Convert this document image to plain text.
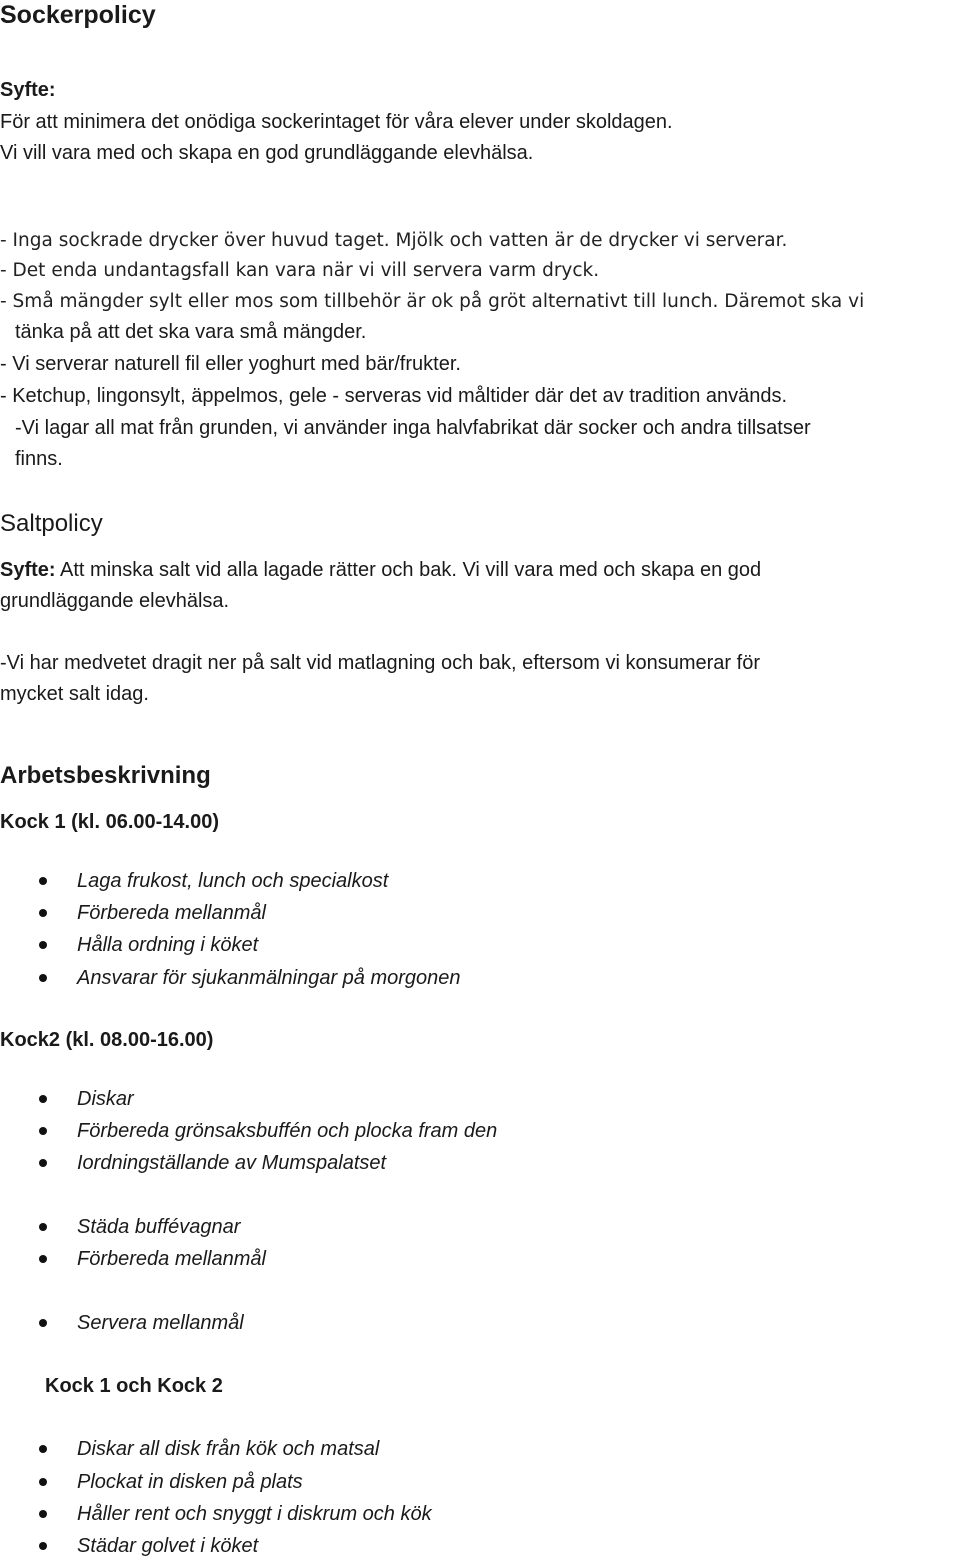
Sockerpolicy
Syfte:
För att minimera det onödiga sockerintaget för våra elever under skoldagen.
Vi vill vara med och skapa en god grundläggande elevhälsa.
- Inga sockrade drycker över huvud taget. Mjölk och vatten är de drycker vi serverar.
- Det enda undantagsfall kan vara när vi vill servera varm dryck.
- Små mängder sylt eller mos som tillbehör är ok på gröt alternativt till lunch. Däremot ska vi
tänka på att det ska vara små mängder.
- Vi serverar naturell fil eller yoghurt med bär/frukter.
- Ketchup, lingonsylt, äppelmos, gele - serveras vid måltider där det av tradition används.
-Vi lagar all mat från grunden, vi använder inga halvfabrikat där socker och andra tillsatser
finns.
Saltpolicy
Syfte: Att minska salt vid alla lagade rätter och bak. Vi vill vara med och skapa en god
grundläggande elevhälsa.
-Vi har medvetet dragit ner på salt vid matlagning och bak, eftersom vi konsumerar för
mycket salt idag.
Arbetsbeskrivning
Kock 1 (kl. 06.00-14.00)
Laga frukost, lunch och specialkost
Förbereda mellanmål
Hålla ordning i köket
Ansvarar för sjukanmälningar på morgonen
Kock2 (kl. 08.00-16.00)
Diskar
Förbereda grönsaksbuffén och plocka fram den
Iordningställande av Mumspalatset
Städa buffévagnar
Förbereda mellanmål
Servera mellanmål
Kock 1 och Kock 2
Diskar all disk från kök och matsal
Plockat in disken på plats
Håller rent och snyggt i diskrum och kök
Städar golvet i köket
